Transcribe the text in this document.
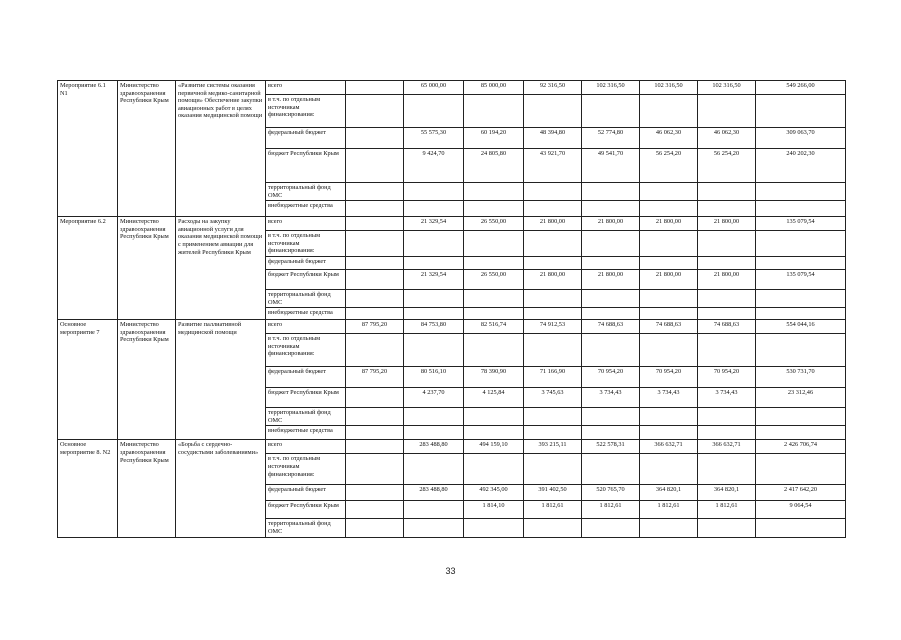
Мероприятие 6.1 N1	Министерство здравоохранения Республики Крым	«Развитие системы оказания первичной медико-санитарной помощи» Обеспечение закупки авиационных работ в целях оказания медицинской помощи	всего		65 000,00	85 000,00	92 316,50	102 316,50	102 316,50	102 316,50	549 266,00
			в т.ч. по отдельным источникам финансирования:								
			федеральный бюджет		55 575,30	60 194,20	48 394,80	52 774,80	46 062,30	46 062,30	309 063,70
			бюджет Республики Крым		9 424,70	24 805,80	43 921,70	49 541,70	56 254,20	56 254,20	240 202,30
			территориальный фонд ОМС								
			внебюджетные средства								
Мероприятие 6.2	Министерство здравоохранения Республики Крым	Расходы на закупку авиационной услуги для оказания медицинской помощи с применением авиации для жителей Республики Крым	всего		21 329,54	26 550,00	21 800,00	21 800,00	21 800,00	21 800,00	135 079,54
			в т.ч. по отдельным источникам финансирования:								
			федеральный бюджет								
			бюджет Республики Крым		21 329,54	26 550,00	21 800,00	21 800,00	21 800,00	21 800,00	135 079,54
			территориальный фонд ОМС								
			внебюджетные средства								
Основное мероприятие 7	Министерство здравоохранения Республики Крым	Развитие паллиативной медицинской помощи	всего	87 795,20	84 753,80	82 516,74	74 912,53	74 688,63	74 688,63	74 688,63	554 044,16
			в т.ч. по отдельным источникам финансирования:								
			федеральный бюджет	87 795,20	80 516,10	78 390,90	71 166,90	70 954,20	70 954,20	70 954,20	530 731,70
			бюджет Республики Крым		4 237,70	4 125,84	3 745,63	3 734,43	3 734,43	3 734,43	23 312,46
			территориальный фонд ОМС								
			внебюджетные средства								
Основное мероприятие 8. N2	Министерство здравоохранения Республики Крым	«Борьба с сердечно-сосудистыми заболеваниями»	всего		283 488,80	494 159,10	393 215,11	522 578,31	366 632,71	366 632,71	2 426 706,74
			в т.ч. по отдельным источникам финансирования:								
			федеральный бюджет		283 488,80	492 345,00	391 402,50	520 765,70	364 820,1	364 820,1	2 417 642,20
			бюджет Республики Крым			1 814,10	1 812,61	1 812,61	1 812,61	1 812,61	9 064,54
			территориальный фонд ОМС								
33
